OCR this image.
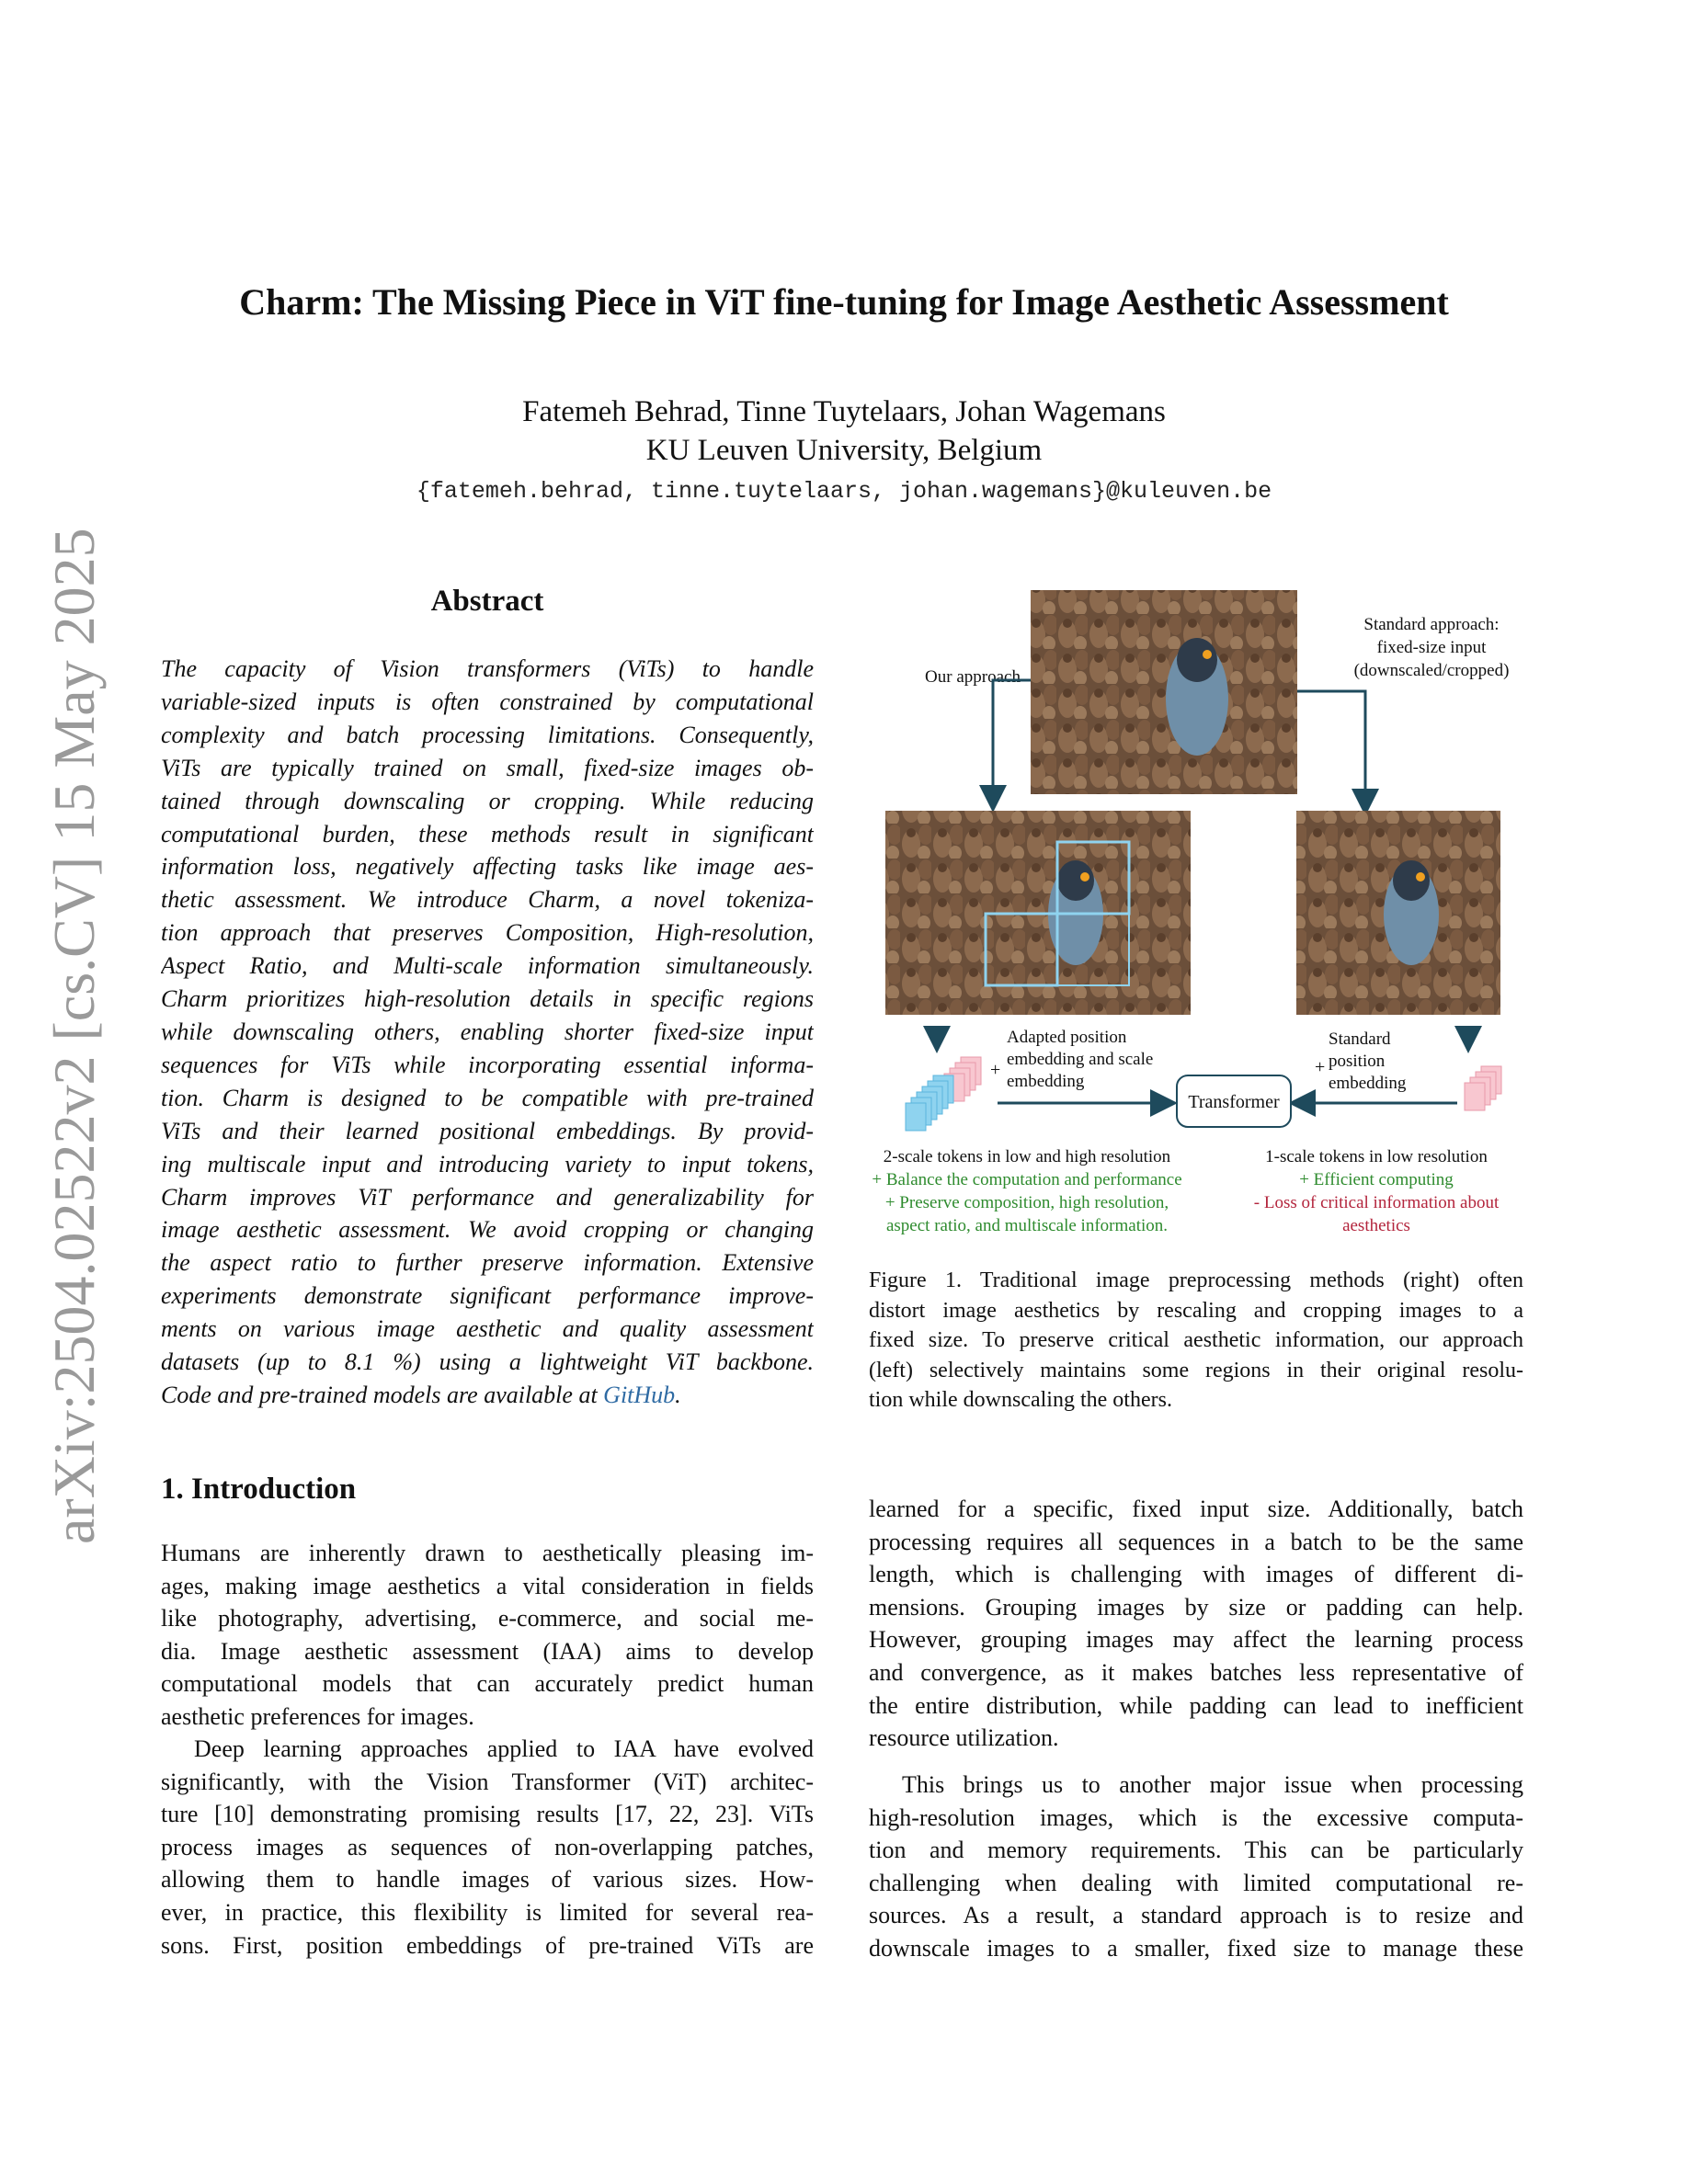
arXiv:2504.02522v2 [cs.CV] 15 May 2025
Charm: The Missing Piece in ViT fine-tuning for Image Aesthetic Assessment
Fatemeh Behrad, Tinne Tuytelaars, Johan Wagemans
KU Leuven University, Belgium
{fatemeh.behrad, tinne.tuytelaars, johan.wagemans}@kuleuven.be
Abstract
The capacity of Vision transformers (ViTs) to handle
variable-sized inputs is often constrained by computational
complexity and batch processing limitations. Consequently,
ViTs are typically trained on small, fixed-size images ob-
tained through downscaling or cropping. While reducing
computational burden, these methods result in significant
information loss, negatively affecting tasks like image aes-
thetic assessment. We introduce Charm, a novel tokeniza-
tion approach that preserves Composition, High-resolution,
Aspect Ratio, and Multi-scale information simultaneously.
Charm prioritizes high-resolution details in specific regions
while downscaling others, enabling shorter fixed-size input
sequences for ViTs while incorporating essential informa-
tion. Charm is designed to be compatible with pre-trained
ViTs and their learned positional embeddings. By provid-
ing multiscale input and introducing variety to input tokens,
Charm improves ViT performance and generalizability for
image aesthetic assessment. We avoid cropping or changing
the aspect ratio to further preserve information. Extensive
experiments demonstrate significant performance improve-
ments on various image aesthetic and quality assessment
datasets (up to 8.1 %) using a lightweight ViT backbone.
Code and pre-trained models are available at GitHub.
1. Introduction
Humans are inherently drawn to aesthetically pleasing im-
ages, making image aesthetics a vital consideration in fields
like photography, advertising, e-commerce, and social me-
dia. Image aesthetic assessment (IAA) aims to develop
computational models that can accurately predict human
aesthetic preferences for images.
Deep learning approaches applied to IAA have evolved
significantly, with the Vision Transformer (ViT) architec-
ture [10] demonstrating promising results [17, 22, 23]. ViTs
process images as sequences of non-overlapping patches,
allowing them to handle images of various sizes. How-
ever, in practice, this flexibility is limited for several rea-
sons. First, position embeddings of pre-trained ViTs are
learned for a specific, fixed input size. Additionally, batch
processing requires all sequences in a batch to be the same
length, which is challenging with images of different di-
mensions. Grouping images by size or padding can help.
However, grouping images may affect the learning process
and convergence, as it makes batches less representative of
the entire distribution, while padding can lead to inefficient
resource utilization.
This brings us to another major issue when processing
high-resolution images, which is the excessive computa-
tion and memory requirements. This can be particularly
challenging when dealing with limited computational re-
sources. As a result, a standard approach is to resize and
downscale images to a smaller, fixed size to manage these
Our approach
Standard approach:
fixed-size input
(downscaled/cropped)
+
Adapted position
embedding and scale
embedding
+
Standard
position
embedding
Transformer
2-scale tokens in low and high resolution
+ Balance the computation and performance
+ Preserve composition, high resolution,
aspect ratio, and multiscale information.
1-scale tokens in low resolution
+ Efficient computing
- Loss of critical information about
aesthetics
Figure 1. Traditional image preprocessing methods (right) often
distort image aesthetics by rescaling and cropping images to a
fixed size. To preserve critical aesthetic information, our approach
(left) selectively maintains some regions in their original resolu-
tion while downscaling the others.
